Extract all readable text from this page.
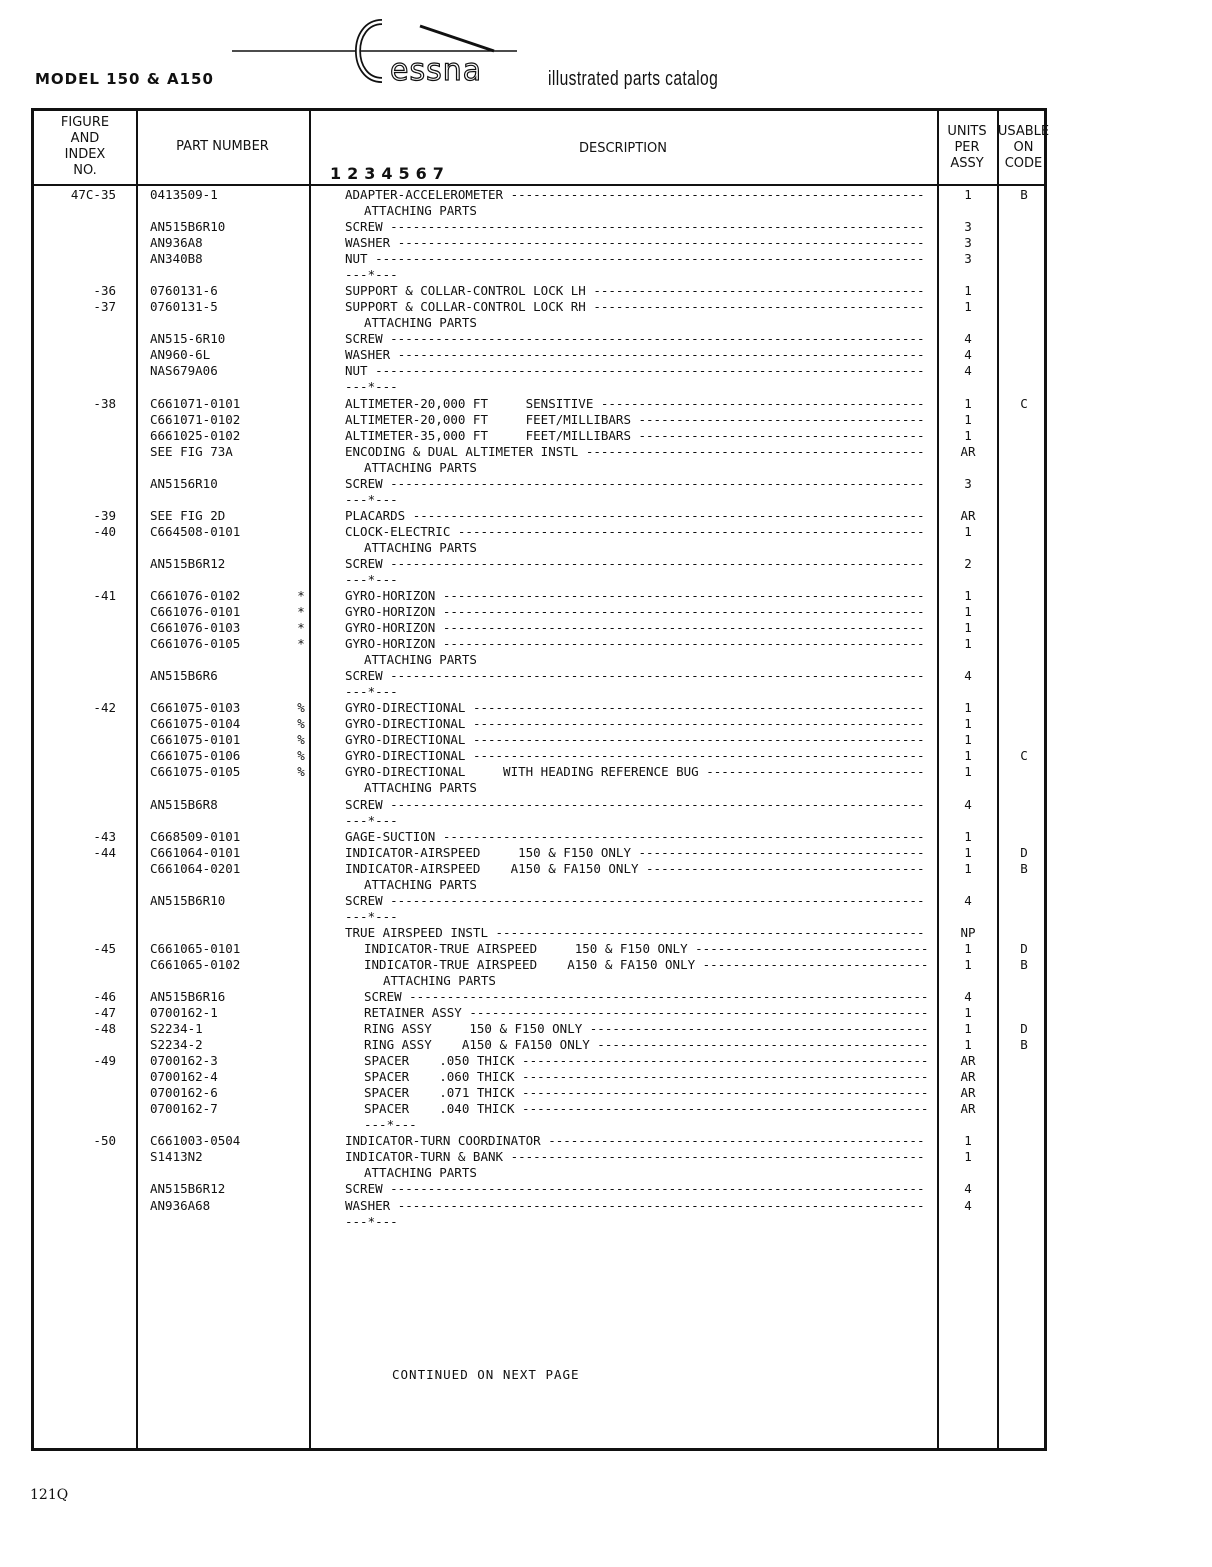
MODEL 150 & A150	essna	illustrated parts catalog
FIGURE
AND
INDEX
NO.
PART NUMBER	DESCRIPTION
1234567
UNITS
PER
ASSY
USABLE
ON
CODE
47C-35	0413509-1	ADAPTER-ACCELEROMETER -------------------------------------------------------	1	B
ATTACHING PARTS
AN515B6R10	SCREW -----------------------------------------------------------------------	3
AN936A8	WASHER ----------------------------------------------------------------------	3
AN340B8	NUT -------------------------------------------------------------------------	3
---*---
-36	0760131-6	SUPPORT & COLLAR-CONTROL LOCK LH --------------------------------------------	1
-37	0760131-5	SUPPORT & COLLAR-CONTROL LOCK RH --------------------------------------------	1
ATTACHING PARTS
AN515-6R10	SCREW -----------------------------------------------------------------------	4
AN960-6L	WASHER ----------------------------------------------------------------------	4
NAS679A06	NUT -------------------------------------------------------------------------	4
---*---
-38	C661071-0101	ALTIMETER-20,000 FT     SENSITIVE -------------------------------------------	1	C
C661071-0102	ALTIMETER-20,000 FT     FEET/MILLIBARS --------------------------------------	1
6661025-0102	ALTIMETER-35,000 FT     FEET/MILLIBARS --------------------------------------	1
SEE FIG 73A	ENCODING & DUAL ALTIMETER INSTL ---------------------------------------------	AR
ATTACHING PARTS
AN5156R10	SCREW -----------------------------------------------------------------------	3
---*---
-39	SEE FIG 2D	PLACARDS --------------------------------------------------------------------	AR
-40	C664508-0101	CLOCK-ELECTRIC --------------------------------------------------------------	1
ATTACHING PARTS
AN515B6R12	SCREW -----------------------------------------------------------------------	2
---*---
-41	C661076-0102	*	GYRO-HORIZON ----------------------------------------------------------------	1
C661076-0101	*	GYRO-HORIZON ----------------------------------------------------------------	1
C661076-0103	*	GYRO-HORIZON ----------------------------------------------------------------	1
C661076-0105	*	GYRO-HORIZON ----------------------------------------------------------------	1
ATTACHING PARTS
AN515B6R6	SCREW -----------------------------------------------------------------------	4
---*---
-42	C661075-0103	%	GYRO-DIRECTIONAL ------------------------------------------------------------	1
C661075-0104	%	GYRO-DIRECTIONAL ------------------------------------------------------------	1
C661075-0101	%	GYRO-DIRECTIONAL ------------------------------------------------------------	1
C661075-0106	%	GYRO-DIRECTIONAL ------------------------------------------------------------	1	C
C661075-0105	%	GYRO-DIRECTIONAL     WITH HEADING REFERENCE BUG -----------------------------	1
ATTACHING PARTS
AN515B6R8	SCREW -----------------------------------------------------------------------	4
---*---
-43	C668509-0101	GAGE-SUCTION ----------------------------------------------------------------	1
-44	C661064-0101	INDICATOR-AIRSPEED     150 & F150 ONLY --------------------------------------	1	D
C661064-0201	INDICATOR-AIRSPEED    A150 & FA150 ONLY -------------------------------------	1	B
ATTACHING PARTS
AN515B6R10	SCREW -----------------------------------------------------------------------	4
---*---
TRUE AIRSPEED INSTL ---------------------------------------------------------	NP
-45	C661065-0101	INDICATOR-TRUE AIRSPEED     150 & F150 ONLY -------------------------------	1	D
C661065-0102	INDICATOR-TRUE AIRSPEED    A150 & FA150 ONLY ------------------------------	1	B
ATTACHING PARTS
-46	AN515B6R16	SCREW ---------------------------------------------------------------------	4
-47	0700162-1	RETAINER ASSY -------------------------------------------------------------	1
-48	S2234-1	RING ASSY     150 & F150 ONLY ---------------------------------------------	1	D
S2234-2	RING ASSY    A150 & FA150 ONLY --------------------------------------------	1	B
-49	0700162-3	SPACER    .050 THICK ------------------------------------------------------	AR
0700162-4	SPACER    .060 THICK ------------------------------------------------------	AR
0700162-6	SPACER    .071 THICK ------------------------------------------------------	AR
0700162-7	SPACER    .040 THICK ------------------------------------------------------	AR
---*---
-50	C661003-0504	INDICATOR-TURN COORDINATOR --------------------------------------------------	1
S1413N2	INDICATOR-TURN & BANK -------------------------------------------------------	1
ATTACHING PARTS
AN515B6R12	SCREW -----------------------------------------------------------------------	4
AN936A68	WASHER ----------------------------------------------------------------------	4
---*---
CONTINUED ON NEXT PAGE
121Q
